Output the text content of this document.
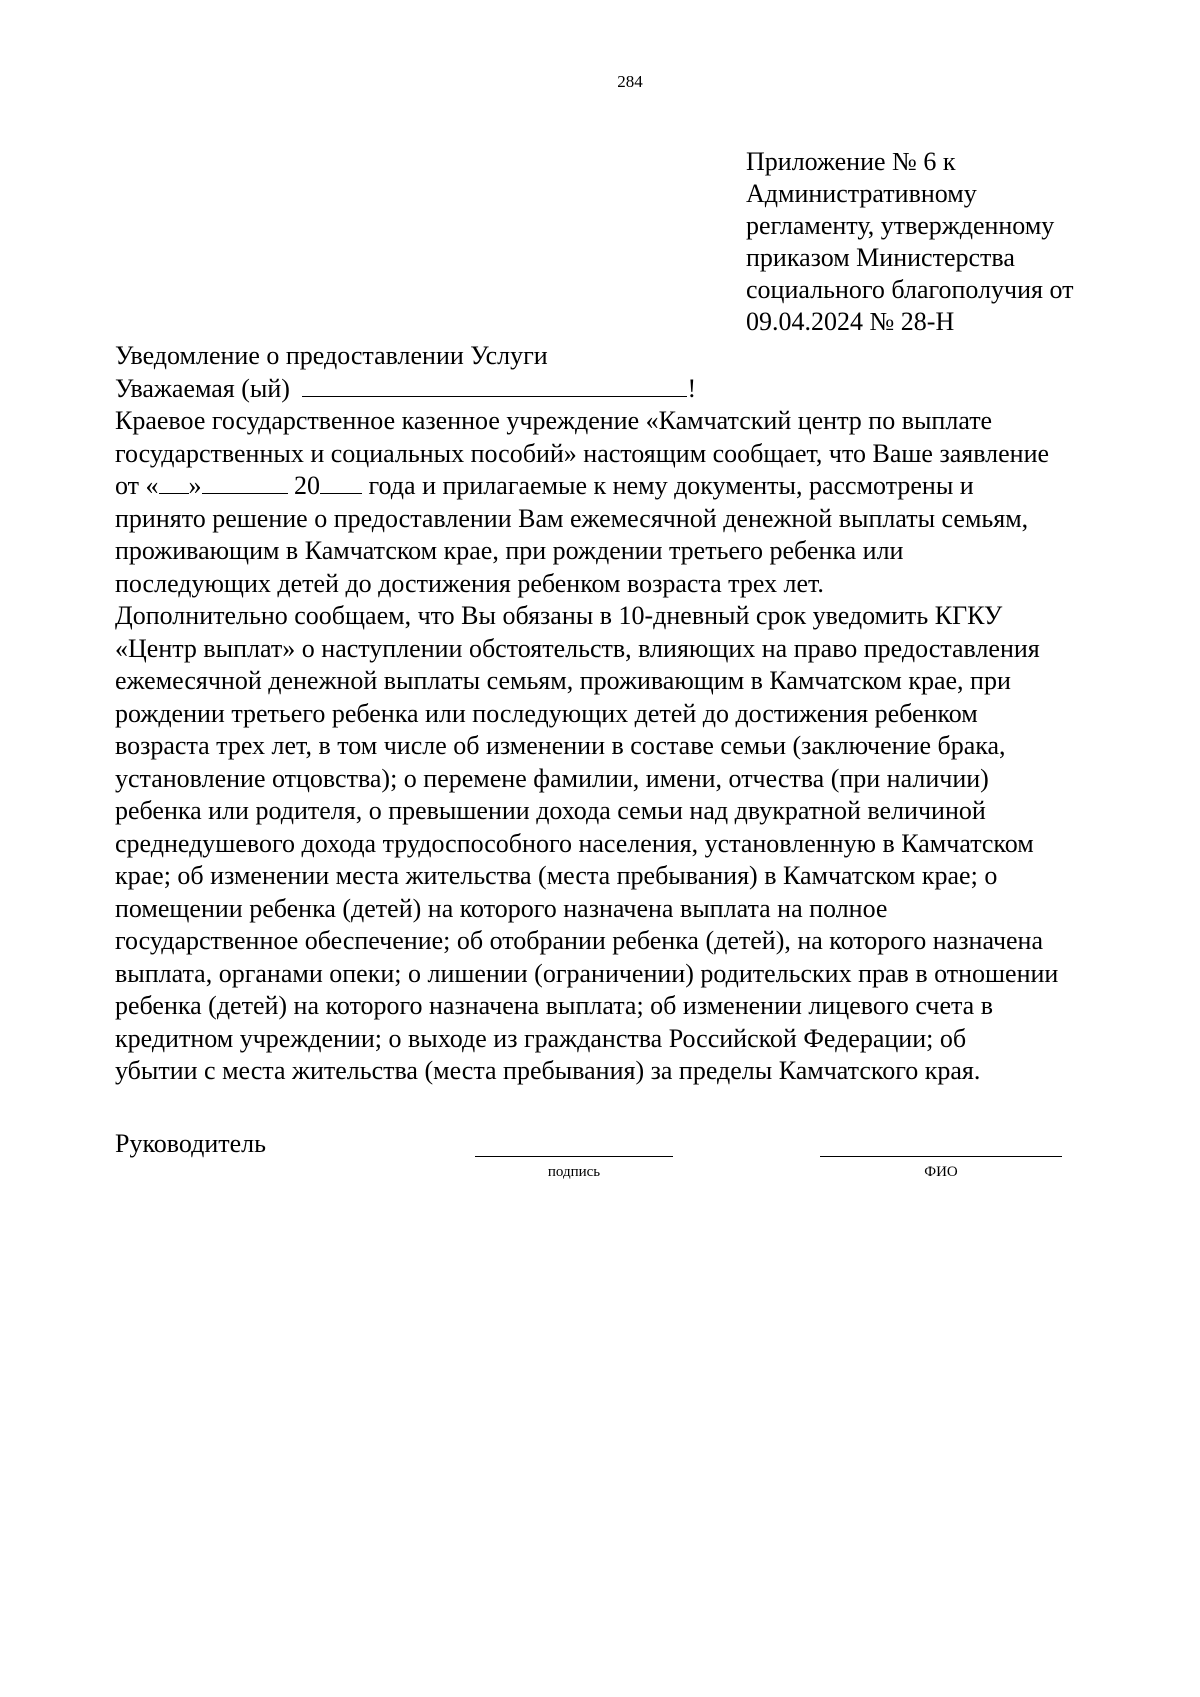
284
Приложение № 6 к
Административному
регламенту, утвержденному
приказом Министерства
социального благополучия от
09.04.2024 № 28-Н
Уведомление о предоставлении Услуги
Уважаемая (ый)	!
Краевое государственное казенное учреждение «Камчатский центр по выплате
государственных и социальных пособий» настоящим сообщает, что Ваше заявление
от « »	20 года и прилагаемые к нему документы, рассмотрены и
принято решение о предоставлении Вам ежемесячной денежной выплаты семьям,
проживающим в Камчатском крае, при рождении третьего ребенка или
последующих детей до достижения ребенком возраста трех лет.
Дополнительно сообщаем, что Вы обязаны в 10-дневный срок уведомить КГКУ
«Центр выплат» о наступлении обстоятельств, влияющих на право предоставления
ежемесячной денежной выплаты семьям, проживающим в Камчатском крае, при
рождении третьего ребенка или последующих детей до достижения ребенком
возраста трех лет, в том числе об изменении в составе семьи (заключение брака,
установление отцовства); о перемене фамилии, имени, отчества (при наличии)
ребенка или родителя, о превышении дохода семьи над двукратной величиной
среднедушевого дохода трудоспособного населения, установленную в Камчатском
крае; об изменении места жительства (места пребывания) в Камчатском крае; о
помещении ребенка (детей) на которого назначена выплата на полное
государственное обеспечение; об отобрании ребенка (детей), на которого назначена
выплата, органами опеки; о лишении (ограничении) родительских прав в отношении
ребенка (детей) на которого назначена выплата; об изменении лицевого счета в
кредитном учреждении; о выходе из гражданства Российской Федерации; об
убытии с места жительства (места пребывания) за пределы Камчатского края.
Руководитель
подпись	ФИО
